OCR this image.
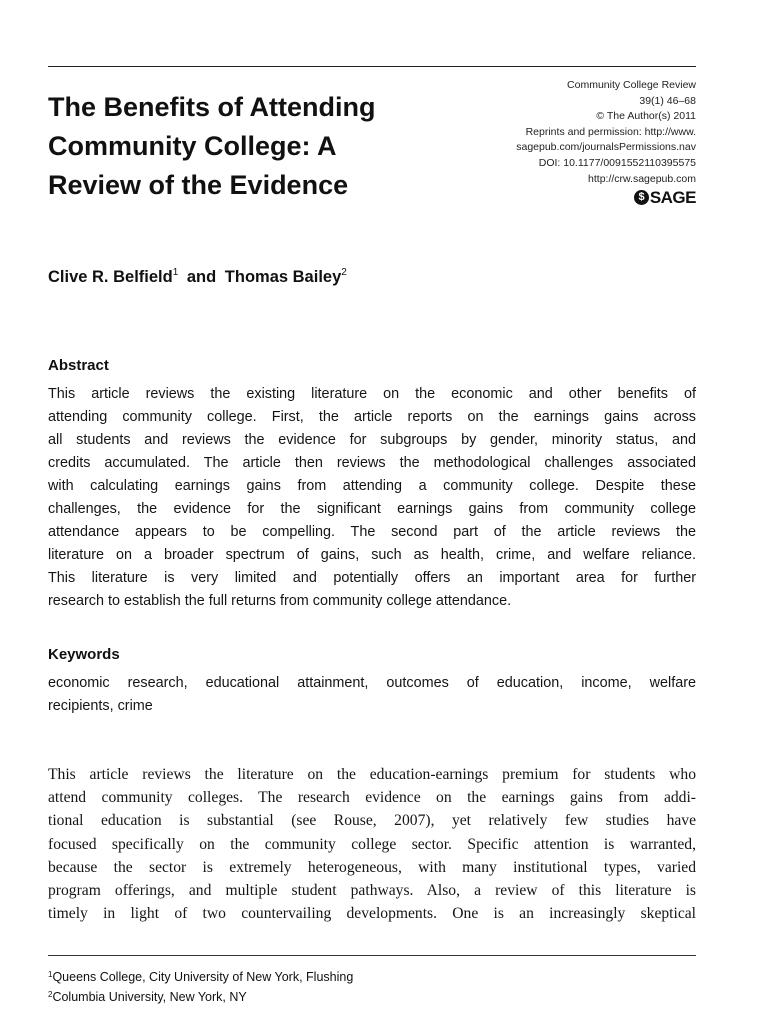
The Benefits of Attending
Community College: A
Review of the Evidence
Community College Review
39(1) 46–68
© The Author(s) 2011
Reprints and permission: http://www.
sagepub.com/journalsPermissions.nav
DOI: 10.1177/0091552110395575
http://crw.sagepub.com
$ SAGE
Clive R. Belfield$^1$ and Thomas Bailey$^2$
Abstract
This article reviews the existing literature on the economic and other benefits of
attending community college. First, the article reports on the earnings gains across
all students and reviews the evidence for subgroups by gender, minority status, and
credits accumulated. The article then reviews the methodological challenges associated
with calculating earnings gains from attending a community college. Despite these
challenges, the evidence for the significant earnings gains from community college
attendance appears to be compelling. The second part of the article reviews the
literature on a broader spectrum of gains, such as health, crime, and welfare reliance.
This literature is very limited and potentially offers an important area for further
research to establish the full returns from community college attendance.
Keywords
economic research, educational attainment, outcomes of education, income, welfare
recipients, crime
This article reviews the literature on the education-earnings premium for students who
attend community colleges. The research evidence on the earnings gains from addi-
tional education is substantial (see Rouse, 2007), yet relatively few studies have
focused specifically on the community college sector. Specific attention is warranted,
because the sector is extremely heterogeneous, with many institutional types, varied
program offerings, and multiple student pathways. Also, a review of this literature is
timely in light of two countervailing developments. One is an increasingly skeptical
$^1$Queens College, City University of New York, Flushing
$^2$Columbia University, New York, NY
